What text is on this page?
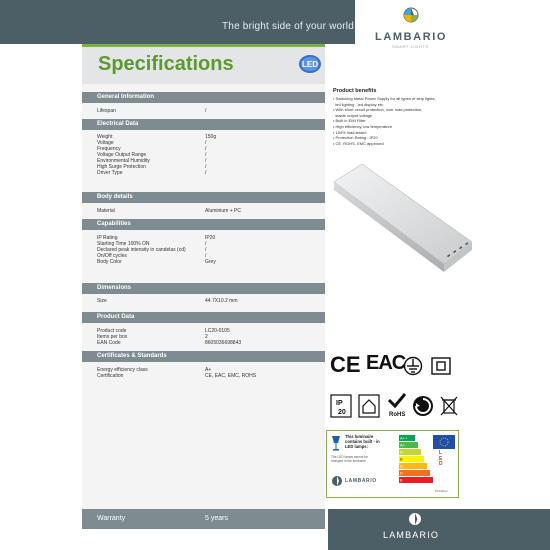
The bright side of your world
LAMBARIO
SMART LIGHTS
Specifications	LED
General Information
Lifespan	/
Electrical Data
Weight	150g
Voltage	/
Frequency	/
Voltage Output Range	/
Environmental Humidity	/
High Surge Protection	/
Driver Type	/
Body details
Material	Aluminium + PC
Capabilities
IP Rating	IP20
Starting Time 100% ON	/
Declared peak intensity in candelas (cd)	/
On/Off cycles	/
Body Color	Grey
Dimensions
Size	44.7X10.2 mm
Product Data
Product code	LC20-0105
Items per box	2
EAN Code	8605036698843
Certificates & Standards
Energy efficiency class	A+
Certification	CE, EAC, EMC, ROHS
Warranty	5 years
Product benefits
• Switching Metal Power Supply for all types of strip lights,
led lighting , led display etc.
• With short circuit protection, over load protection,
stable output voltage
• Built in EMI Filter
• High efficiency, low temperature
• 100% load tested
• Protection Rating : IP20
• CE, ROHS, EMC approved
CE EAC
IP
20	RoHS
This luminaire
contains built - in
LED lamps:
The LED lamps cannot be changed in the luminaire
LAMBARIO
A++
A+
A
B
C
D
E
LED
874/2012
LAMBARIO
